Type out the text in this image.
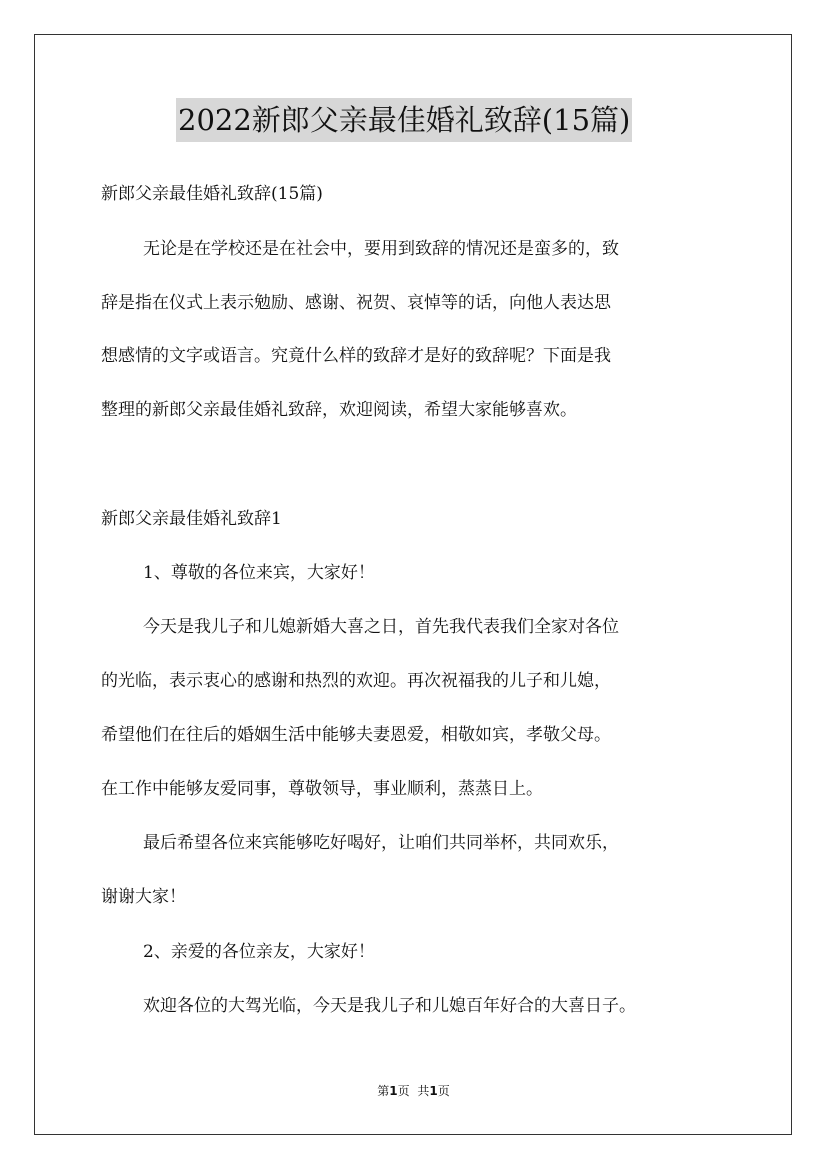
2022新郎父亲最佳婚礼致辞(15篇)
新郎父亲最佳婚礼致辞(15篇)
无论是在学校还是在社会中，要用到致辞的情况还是蛮多的，致
辞是指在仪式上表示勉励、感谢、祝贺、哀悼等的话，向他人表达思
想感情的文字或语言。究竟什么样的致辞才是好的致辞呢？下面是我
整理的新郎父亲最佳婚礼致辞，欢迎阅读，希望大家能够喜欢。
新郎父亲最佳婚礼致辞1
1、尊敬的各位来宾，大家好！
今天是我儿子和儿媳新婚大喜之日，首先我代表我们全家对各位
的光临，表示衷心的感谢和热烈的欢迎。再次祝福我的儿子和儿媳，
希望他们在往后的婚姻生活中能够夫妻恩爱，相敬如宾，孝敬父母。
在工作中能够友爱同事，尊敬领导，事业顺利，蒸蒸日上。
最后希望各位来宾能够吃好喝好，让咱们共同举杯，共同欢乐，
谢谢大家！
2、亲爱的各位亲友，大家好！
欢迎各位的大驾光临，今天是我儿子和儿媳百年好合的大喜日子。
第1页 共1页
